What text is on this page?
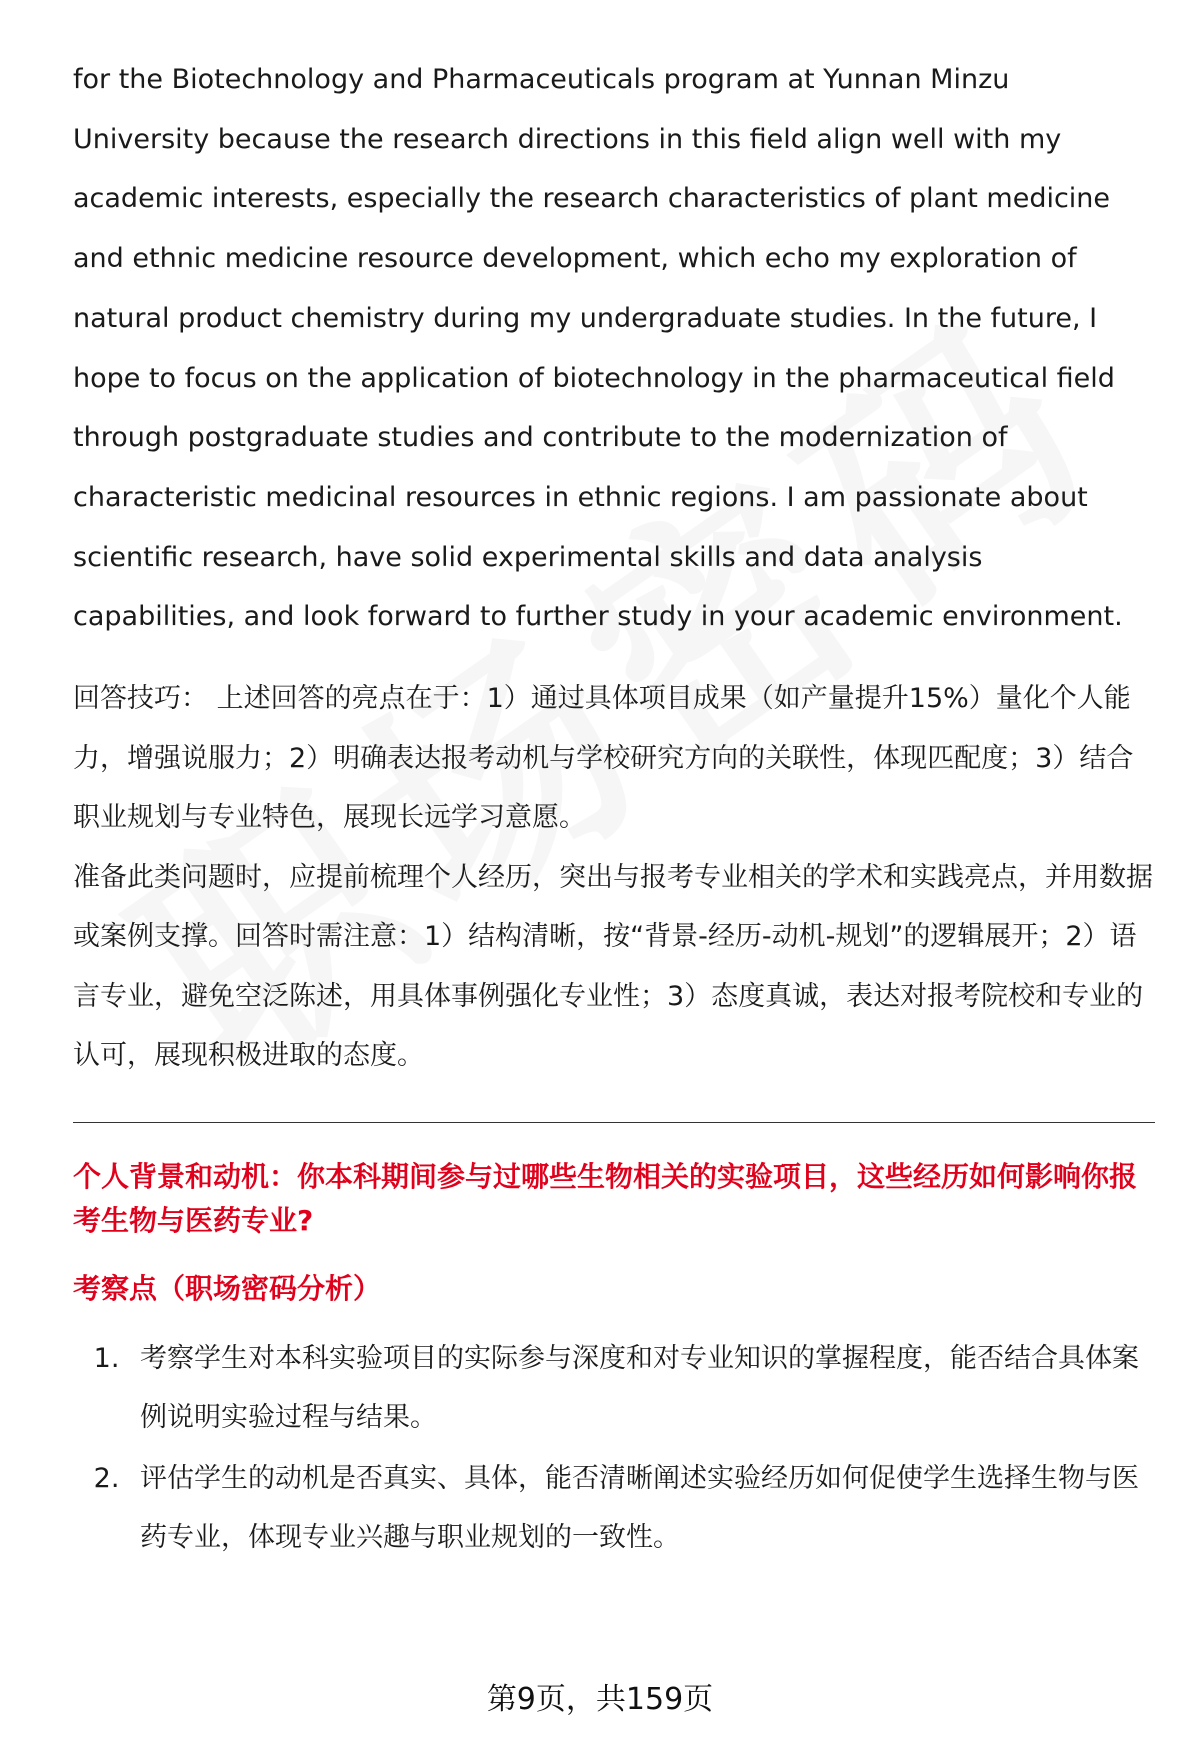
for the Biotechnology and Pharmaceuticals program at Yunnan Minzu University because the research directions in this field align well with my academic interests, especially the research characteristics of plant medicine and ethnic medicine resource development, which echo my exploration of natural product chemistry during my undergraduate studies. In the future, I hope to focus on the application of biotechnology in the pharmaceutical field through postgraduate studies and contribute to the modernization of characteristic medicinal resources in ethnic regions. I am passionate about scientific research, have solid experimental skills and data analysis capabilities, and look forward to further study in your academic environment.

回答技巧： 上述回答的亮点在于：1）通过具体项目成果（如产量提升15%）量化个人能力，增强说服力；2）明确表达报考动机与学校研究方向的关联性，体现匹配度；3）结合职业规划与专业特色，展现长远学习意愿。

准备此类问题时，应提前梳理个人经历，突出与报考专业相关的学术和实践亮点，并用数据或案例支撑。回答时需注意：1）结构清晰，按“背景-经历-动机-规划”的逻辑展开；2）语言专业，避免空泛陈述，用具体事例强化专业性；3）态度真诚，表达对报考院校和专业的认可，展现积极进取的态度。

个人背景和动机：你本科期间参与过哪些生物相关的实验项目，这些经历如何影响你报考生物与医药专业?
考察点（职场密码分析）
1. 考察学生对本科实验项目的实际参与深度和对专业知识的掌握程度，能否结合具体案例说明实验过程与结果。
2. 评估学生的动机是否真实、具体，能否清晰阐述实验经历如何促使学生选择生物与医药专业，体现专业兴趣与职业规划的一致性。
第9页，共159页
